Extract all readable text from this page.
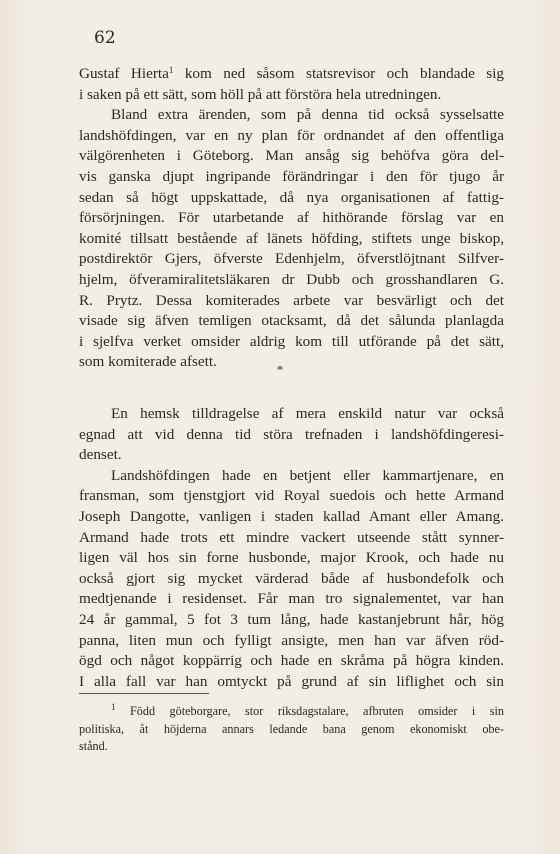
62
Gustaf Hierta$^1$ kom ned såsom statsrevisor och blandade sig
i saken på ett sätt, som höll på att förstöra hela utredningen.
Bland extra ärenden, som på denna tid också sysselsatte
landshöfdingen, var en ny plan för ordnandet af den offentliga
välgörenheten i Göteborg. Man ansåg sig behöfva göra del-
vis ganska djupt ingripande förändringar i den för tjugo år
sedan så högt uppskattade, då nya organisationen af fattig-
försörjningen. För utarbetande af hithörande förslag var en
komité tillsatt bestående af länets höfding, stiftets unge biskop,
postdirektör Gjers, öfverste Edenhjelm, öfverstlöjtnant Silfver-
hjelm, öfveramiralitetsläkaren dr Dubb och grosshandlaren G.
R. Prytz. Dessa komiterades arbete var besvärligt och det
visade sig äfven temligen otacksamt, då det sålunda planlagda
i sjelfva verket omsider aldrig kom till utförande på det sätt,
som komiterade afsett.	*
En hemsk tilldragelse af mera enskild natur var också
egnad att vid denna tid störa trefnaden i landshöfdingeresi-
denset.
Landshöfdingen hade en betjent eller kammartjenare, en
fransman, som tjenstgjort vid Royal suedois och hette Armand
Joseph Dangotte, vanligen i staden kallad Amant eller Amang.
Armand hade trots ett mindre vackert utseende stått synner-
ligen väl hos sin forne husbonde, major Krook, och hade nu
också gjort sig mycket värderad både af husbondefolk och
medtjenande i residenset. Får man tro signalementet, var han
24 år gammal, 5 fot 3 tum lång, hade kastanjebrunt hår, hög
panna, liten mun och fylligt ansigte, men han var äfven röd-
ögd och något koppärrig och hade en skråma på högra kinden.
I alla fall var han omtyckt på grund af sin liflighet och sin
$^1$ Född göteborgare, stor riksdagstalare, afbruten omsider i sin
politiska, åt höjderna annars ledande bana genom ekonomiskt obe-
stånd.
